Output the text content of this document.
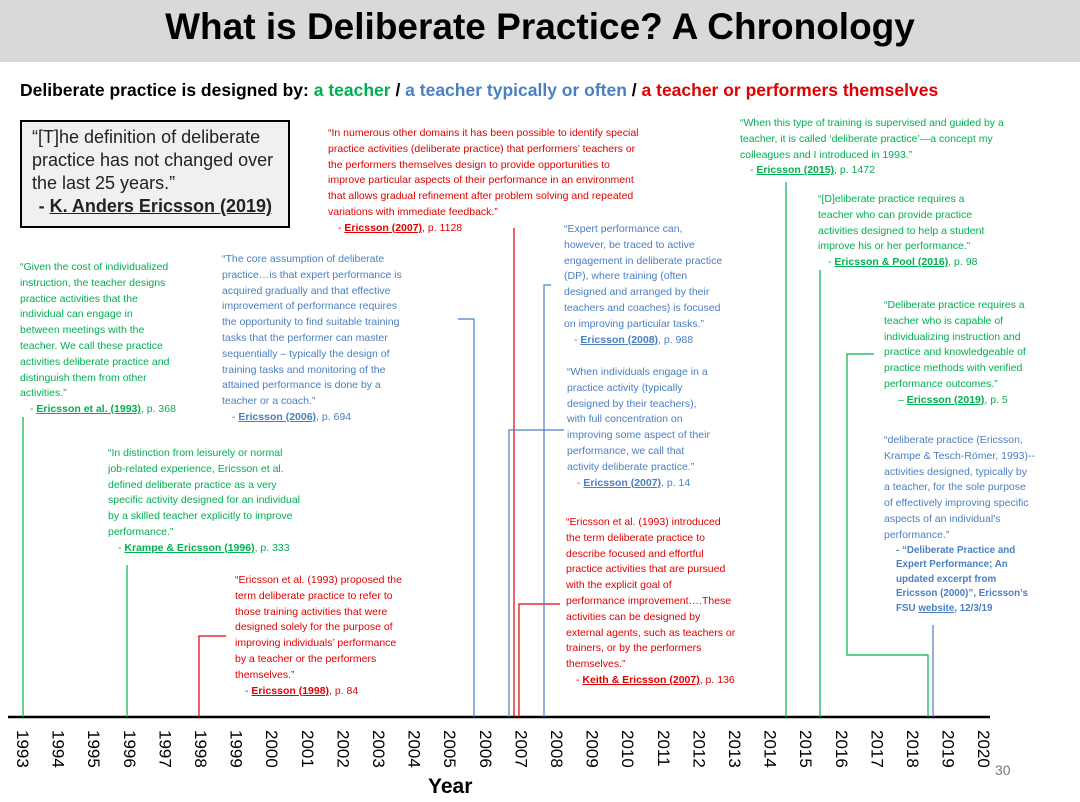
What is Deliberate Practice? A Chronology
Deliberate practice is designed by: a teacher / a teacher typically or often / a teacher or performers themselves
“[T]he definition of deliberate practice has not changed over the last 25 years.”
- K. Anders Ericsson (2019)
“Given the cost of individualized
instruction, the teacher designs
practice activities that the
individual can engage in
between meetings with the
teacher. We call these practice
activities deliberate practice and
distinguish them from other
activities.”
- Ericsson et al. (1993), p. 368
“In distinction from leisurely or normal
job-related experience, Ericsson et al.
defined deliberate practice as a very
specific activity designed for an individual
by a skilled teacher explicitly to improve
performance.”
- Krampe & Ericsson (1996), p. 333
“Ericsson et al. (1993) proposed the
term deliberate practice to refer to
those training activities that were
designed solely for the purpose of
improving individuals’ performance
by a teacher or the performers
themselves.”
- Ericsson (1998), p. 84
“The core assumption of deliberate
practice…is that expert performance is
acquired gradually and that effective
improvement of performance requires
the opportunity to find suitable training
tasks that the performer can master
sequentially – typically the design of
training tasks and monitoring of the
attained performance is done by a
teacher or a coach.”
- Ericsson (2006), p. 694
“In numerous other domains it has been possible to identify special
practice activities (deliberate practice) that performers’ teachers or
the performers themselves design to provide opportunities to
improve particular aspects of their performance in an environment
that allows gradual refinement after problem solving and repeated
variations with immediate feedback.”
- Ericsson (2007), p. 1128	“Expert performance can,
however, be traced to active
engagement in deliberate practice
(DP), where training (often
designed and arranged by their
teachers and coaches) is focused
on improving particular tasks.”
- Ericsson (2008), p. 988
“When individuals engage in a
practice activity (typically
designed by their teachers),
with full concentration on
improving some aspect of their
performance, we call that
activity deliberate practice.”
- Ericsson (2007), p. 14
“Ericsson et al. (1993) introduced
the term deliberate practice to
describe focused and effortful
practice activities that are pursued
with the explicit goal of
performance improvement….These
activities can be designed by
external agents, such as teachers or
trainers, or by the performers
themselves.”
- Keith & Ericsson (2007), p. 136
“When this type of training is supervised and guided by a
teacher, it is called ‘deliberate practice’—a concept my
colleagues and I introduced in 1993.”
- Ericsson (2015), p. 1472
“[D]eliberate practice requires a
teacher who can provide practice
activities designed to help a student
improve his or her performance.”
- Ericsson & Pool (2016), p. 98
“Deliberate practice requires a
teacher who is capable of
individualizing instruction and
practice and knowledgeable of
practice methods with verified
performance outcomes.”
– Ericsson (2019), p. 5
“deliberate practice (Ericsson,
Krampe & Tesch-Römer, 1993)--
activities designed, typically by
a teacher, for the sole purpose
of effectively improving specific
aspects of an individual’s
performance.”
- “Deliberate Practice and
Expert Performance; An
updated excerpt from
Ericsson (2000)”, Ericsson’s
FSU website, 12/3/19
1993 1994 1995 1996 1997 1998 1999 2000 2001 2002 2003 2004 2005 2006 2007 2008 2009 2010 2011 2012 2013 2014 2015 2016 2017 2018 2019 2020
Year
30
